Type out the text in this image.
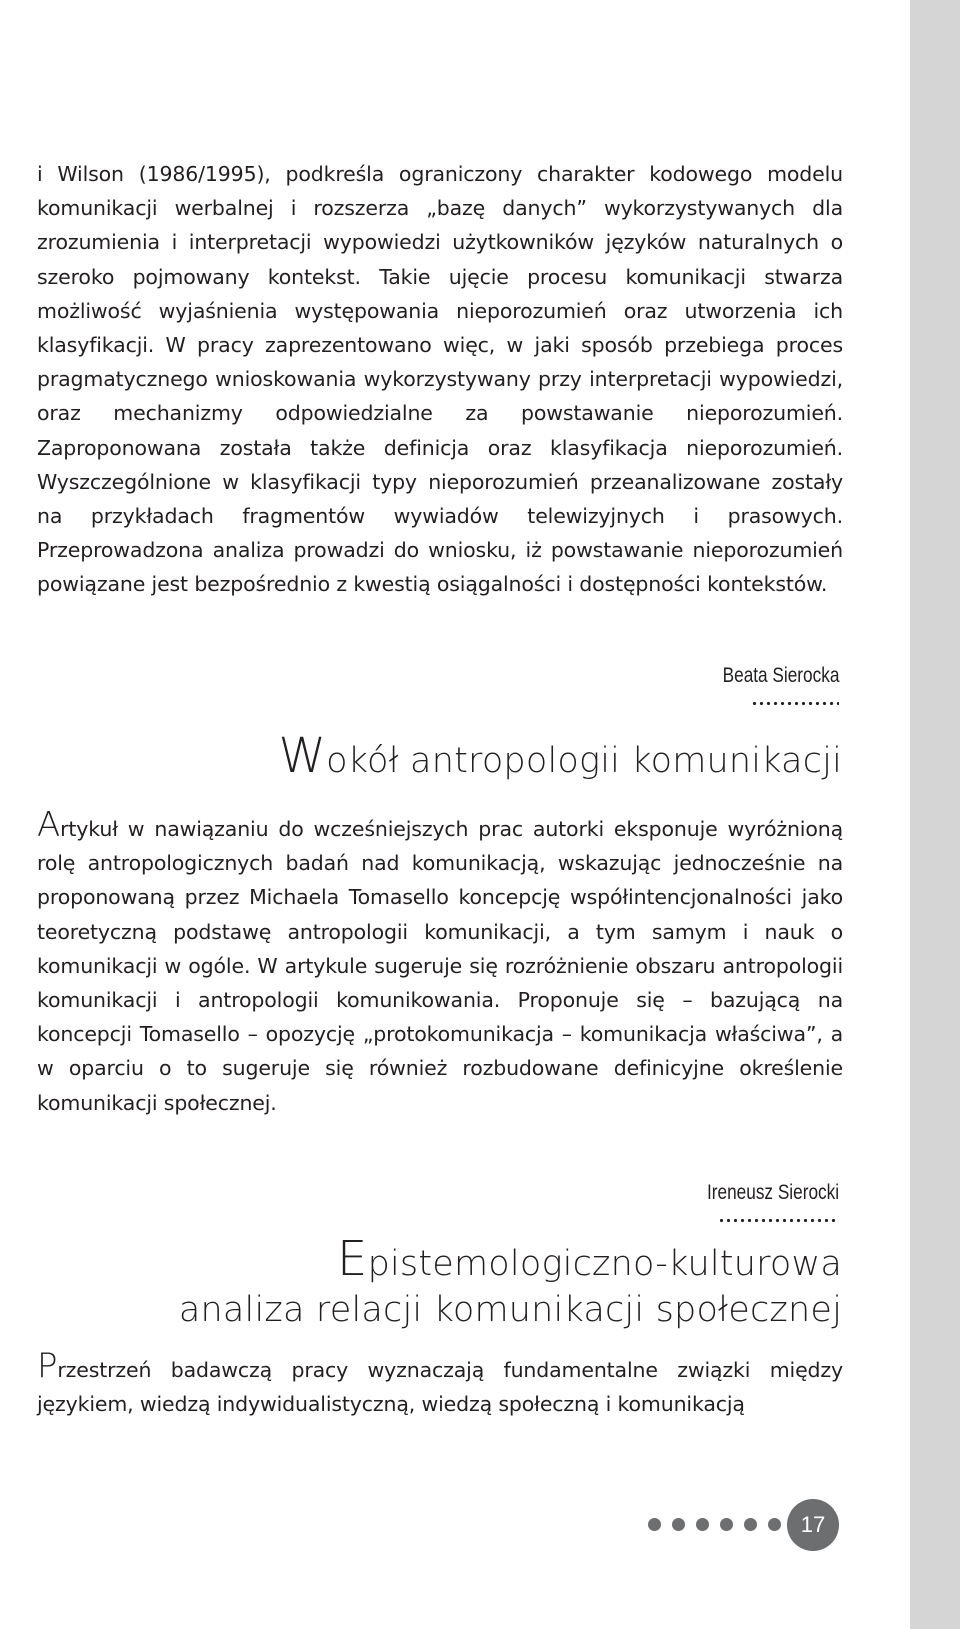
i Wilson (1986/1995), podkreśla ograniczony charakter kodowego modelu komunikacji werbalnej i rozszerza „bazę danych” wykorzystywanych dla zrozumienia i interpretacji wypowiedzi użytkowników języków naturalnych o szeroko pojmowany kontekst. Takie ujęcie procesu komunikacji stwarza możliwość wyjaśnienia występowania nieporozumień oraz utworzenia ich klasyfikacji. W pracy zaprezentowano więc, w jaki sposób przebiega proces pragmatycznego wnioskowania wykorzystywany przy interpretacji wypowiedzi, oraz mechanizmy odpowiedzialne za powstawanie nieporozumień. Zaproponowana została także definicja oraz klasyfikacja nieporozumień. Wyszczególnione w klasyfikacji typy nieporozumień przeanalizowane zostały na przykładach fragmentów wywiadów telewizyjnych i prasowych. Przeprowadzona analiza prowadzi do wniosku, iż powstawanie nieporozumień powiązane jest bezpośrednio z kwestią osiągalności i dostępności kontekstów.

Beata Sierocka
Wokół antropologii komunikacji

Artykuł w nawiązaniu do wcześniejszych prac autorki eksponuje wyróżnioną rolę antropologicznych badań nad komunikacją, wskazując jednocześnie na proponowaną przez Michaela Tomasello koncepcję współintencjonalności jako teoretyczną podstawę antropologii komunikacji, a tym samym i nauk o komunikacji w ogóle. W artykule sugeruje się rozróżnienie obszaru antropologii komunikacji i antropologii komunikowania. Proponuje się – bazującą na koncepcji Tomasello – opozycję „protokomunikacja – komunikacja właściwa”, a w oparciu o to sugeruje się również rozbudowane definicyjne określenie komunikacji społecznej.

Ireneusz Sierocki
Epistemologiczno-kulturowa
analiza relacji komunikacji społecznej

Przestrzeń badawczą pracy wyznaczają fundamentalne związki między językiem, wiedzą indywidualistyczną, wiedzą społeczną i komunikacją

17
